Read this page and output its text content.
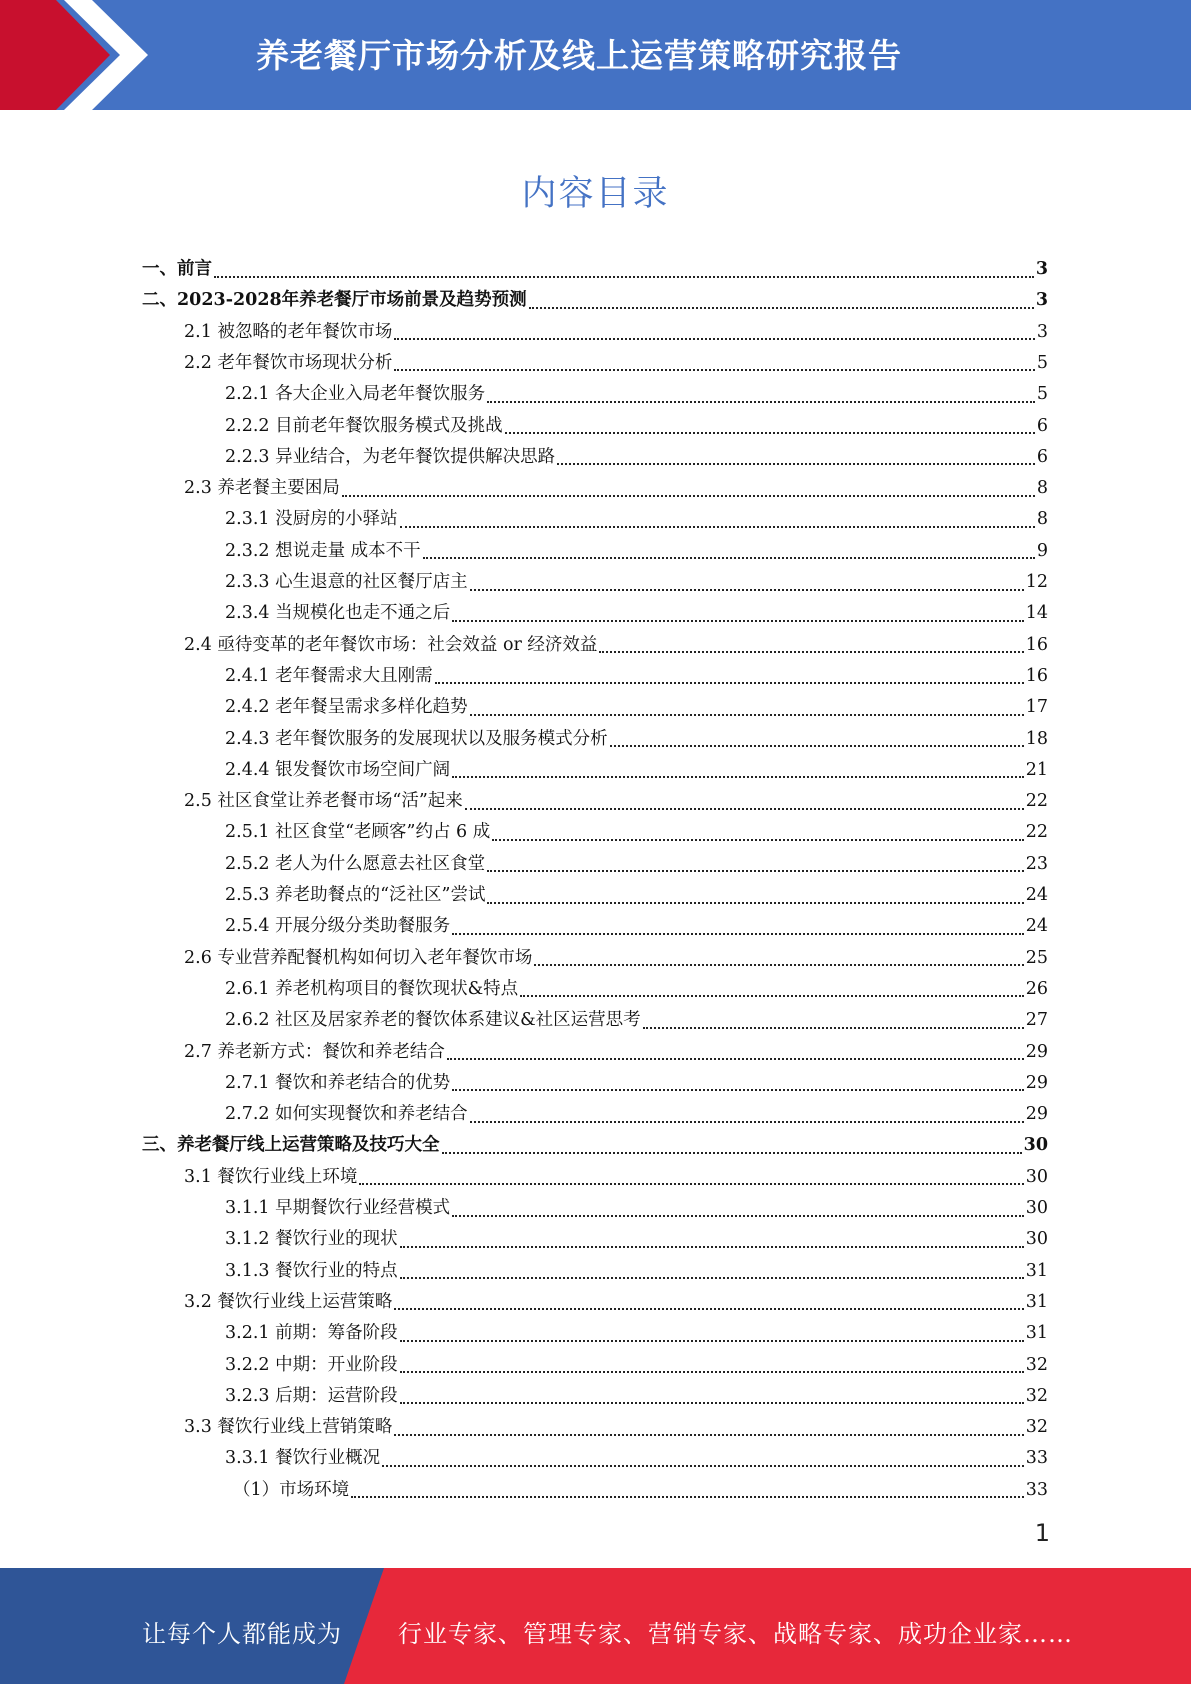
养老餐厅市场分析及线上运营策略研究报告
内容目录
一、前言	3
二、2023-2028年养老餐厅市场前景及趋势预测	3
2.1 被忽略的老年餐饮市场	3
2.2 老年餐饮市场现状分析	5
2.2.1 各大企业入局老年餐饮服务	5
2.2.2 目前老年餐饮服务模式及挑战	6
2.2.3 异业结合，为老年餐饮提供解决思路	6
2.3 养老餐主要困局	8
2.3.1 没厨房的小驿站	8
2.3.2 想说走量 成本不干	9
2.3.3 心生退意的社区餐厅店主	12
2.3.4 当规模化也走不通之后	14
2.4 亟待变革的老年餐饮市场：社会效益 or 经济效益	16
2.4.1 老年餐需求大且刚需	16
2.4.2 老年餐呈需求多样化趋势	17
2.4.3 老年餐饮服务的发展现状以及服务模式分析	18
2.4.4 银发餐饮市场空间广阔	21
2.5 社区食堂让养老餐市场“活”起来	22
2.5.1 社区食堂“老顾客”约占 6 成	22
2.5.2 老人为什么愿意去社区食堂	23
2.5.3 养老助餐点的“泛社区”尝试	24
2.5.4 开展分级分类助餐服务	24
2.6 专业营养配餐机构如何切入老年餐饮市场	25
2.6.1 养老机构项目的餐饮现状&特点	26
2.6.2 社区及居家养老的餐饮体系建议&社区运营思考	27
2.7 养老新方式：餐饮和养老结合	29
2.7.1 餐饮和养老结合的优势	29
2.7.2 如何实现餐饮和养老结合	29
三、养老餐厅线上运营策略及技巧大全	30
3.1 餐饮行业线上环境	30
3.1.1 早期餐饮行业经营模式	30
3.1.2 餐饮行业的现状	30
3.1.3 餐饮行业的特点	31
3.2 餐饮行业线上运营策略	31
3.2.1 前期：筹备阶段	31
3.2.2 中期：开业阶段	32
3.2.3 后期：运营阶段	32
3.3 餐饮行业线上营销策略	32
3.3.1 餐饮行业概况	33
（1）市场环境	33
1
让每个人都能成为 行业专家、管理专家、营销专家、战略专家、成功企业家……
